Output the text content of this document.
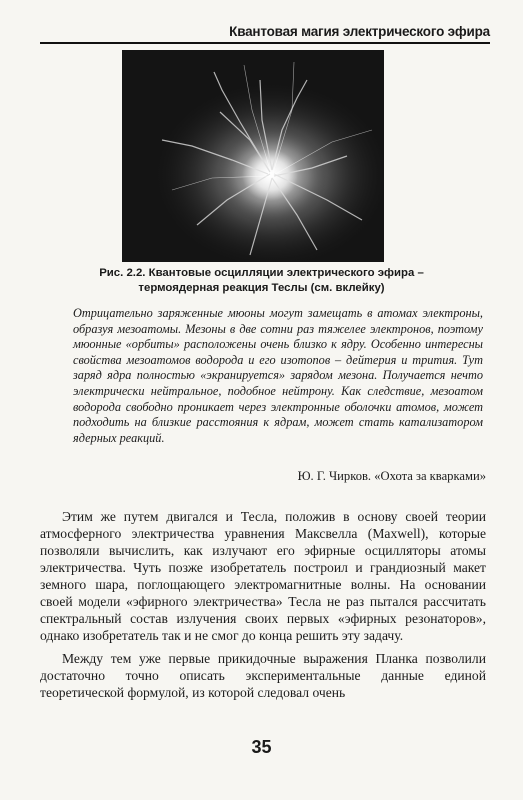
Квантовая магия электрического эфира
Рис. 2.2. Квантовые осцилляции электрического эфира –
термоядерная реакция Теслы (см. вклейку)
Отрицательно заряженные мюоны могут замещать в атомах электроны, образуя мезоатомы. Мезоны в две сотни раз тяжелее электронов, поэтому мюонные «орбиты» расположены очень близко к ядру. Особенно интересны свойства мезоатомов водорода и его изотопов – дейтерия и трития. Тут заряд ядра полностью «экранируется» зарядом мезона. Получается нечто электрически нейтральное, подобное нейтрону. Как следствие, мезоатом водорода свободно проникает через электронные оболочки атомов, может подходить на близкие расстояния к ядрам, может стать катализатором ядерных реакций.
Ю. Г. Чирков. «Охота за кварками»

Этим же путем двигался и Тесла, положив в основу своей теории атмосферного электричества уравнения Максвелла (Maxwell), которые позволяли вычислить, как излучают его эфирные осцилляторы атомы электричества. Чуть позже изобретатель построил и грандиозный макет земного шара, поглощающего электромагнитные волны. На основании своей модели «эфирного электричества» Тесла не раз пытался рассчитать спектральный состав излучения своих первых «эфирных резонаторов», однако изобретатель так и не смог до конца решить эту задачу.

Между тем уже первые прикидочные выражения Планка позволили достаточно точно описать экспериментальные данные единой теоретической формулой, из которой следовал очень

35
